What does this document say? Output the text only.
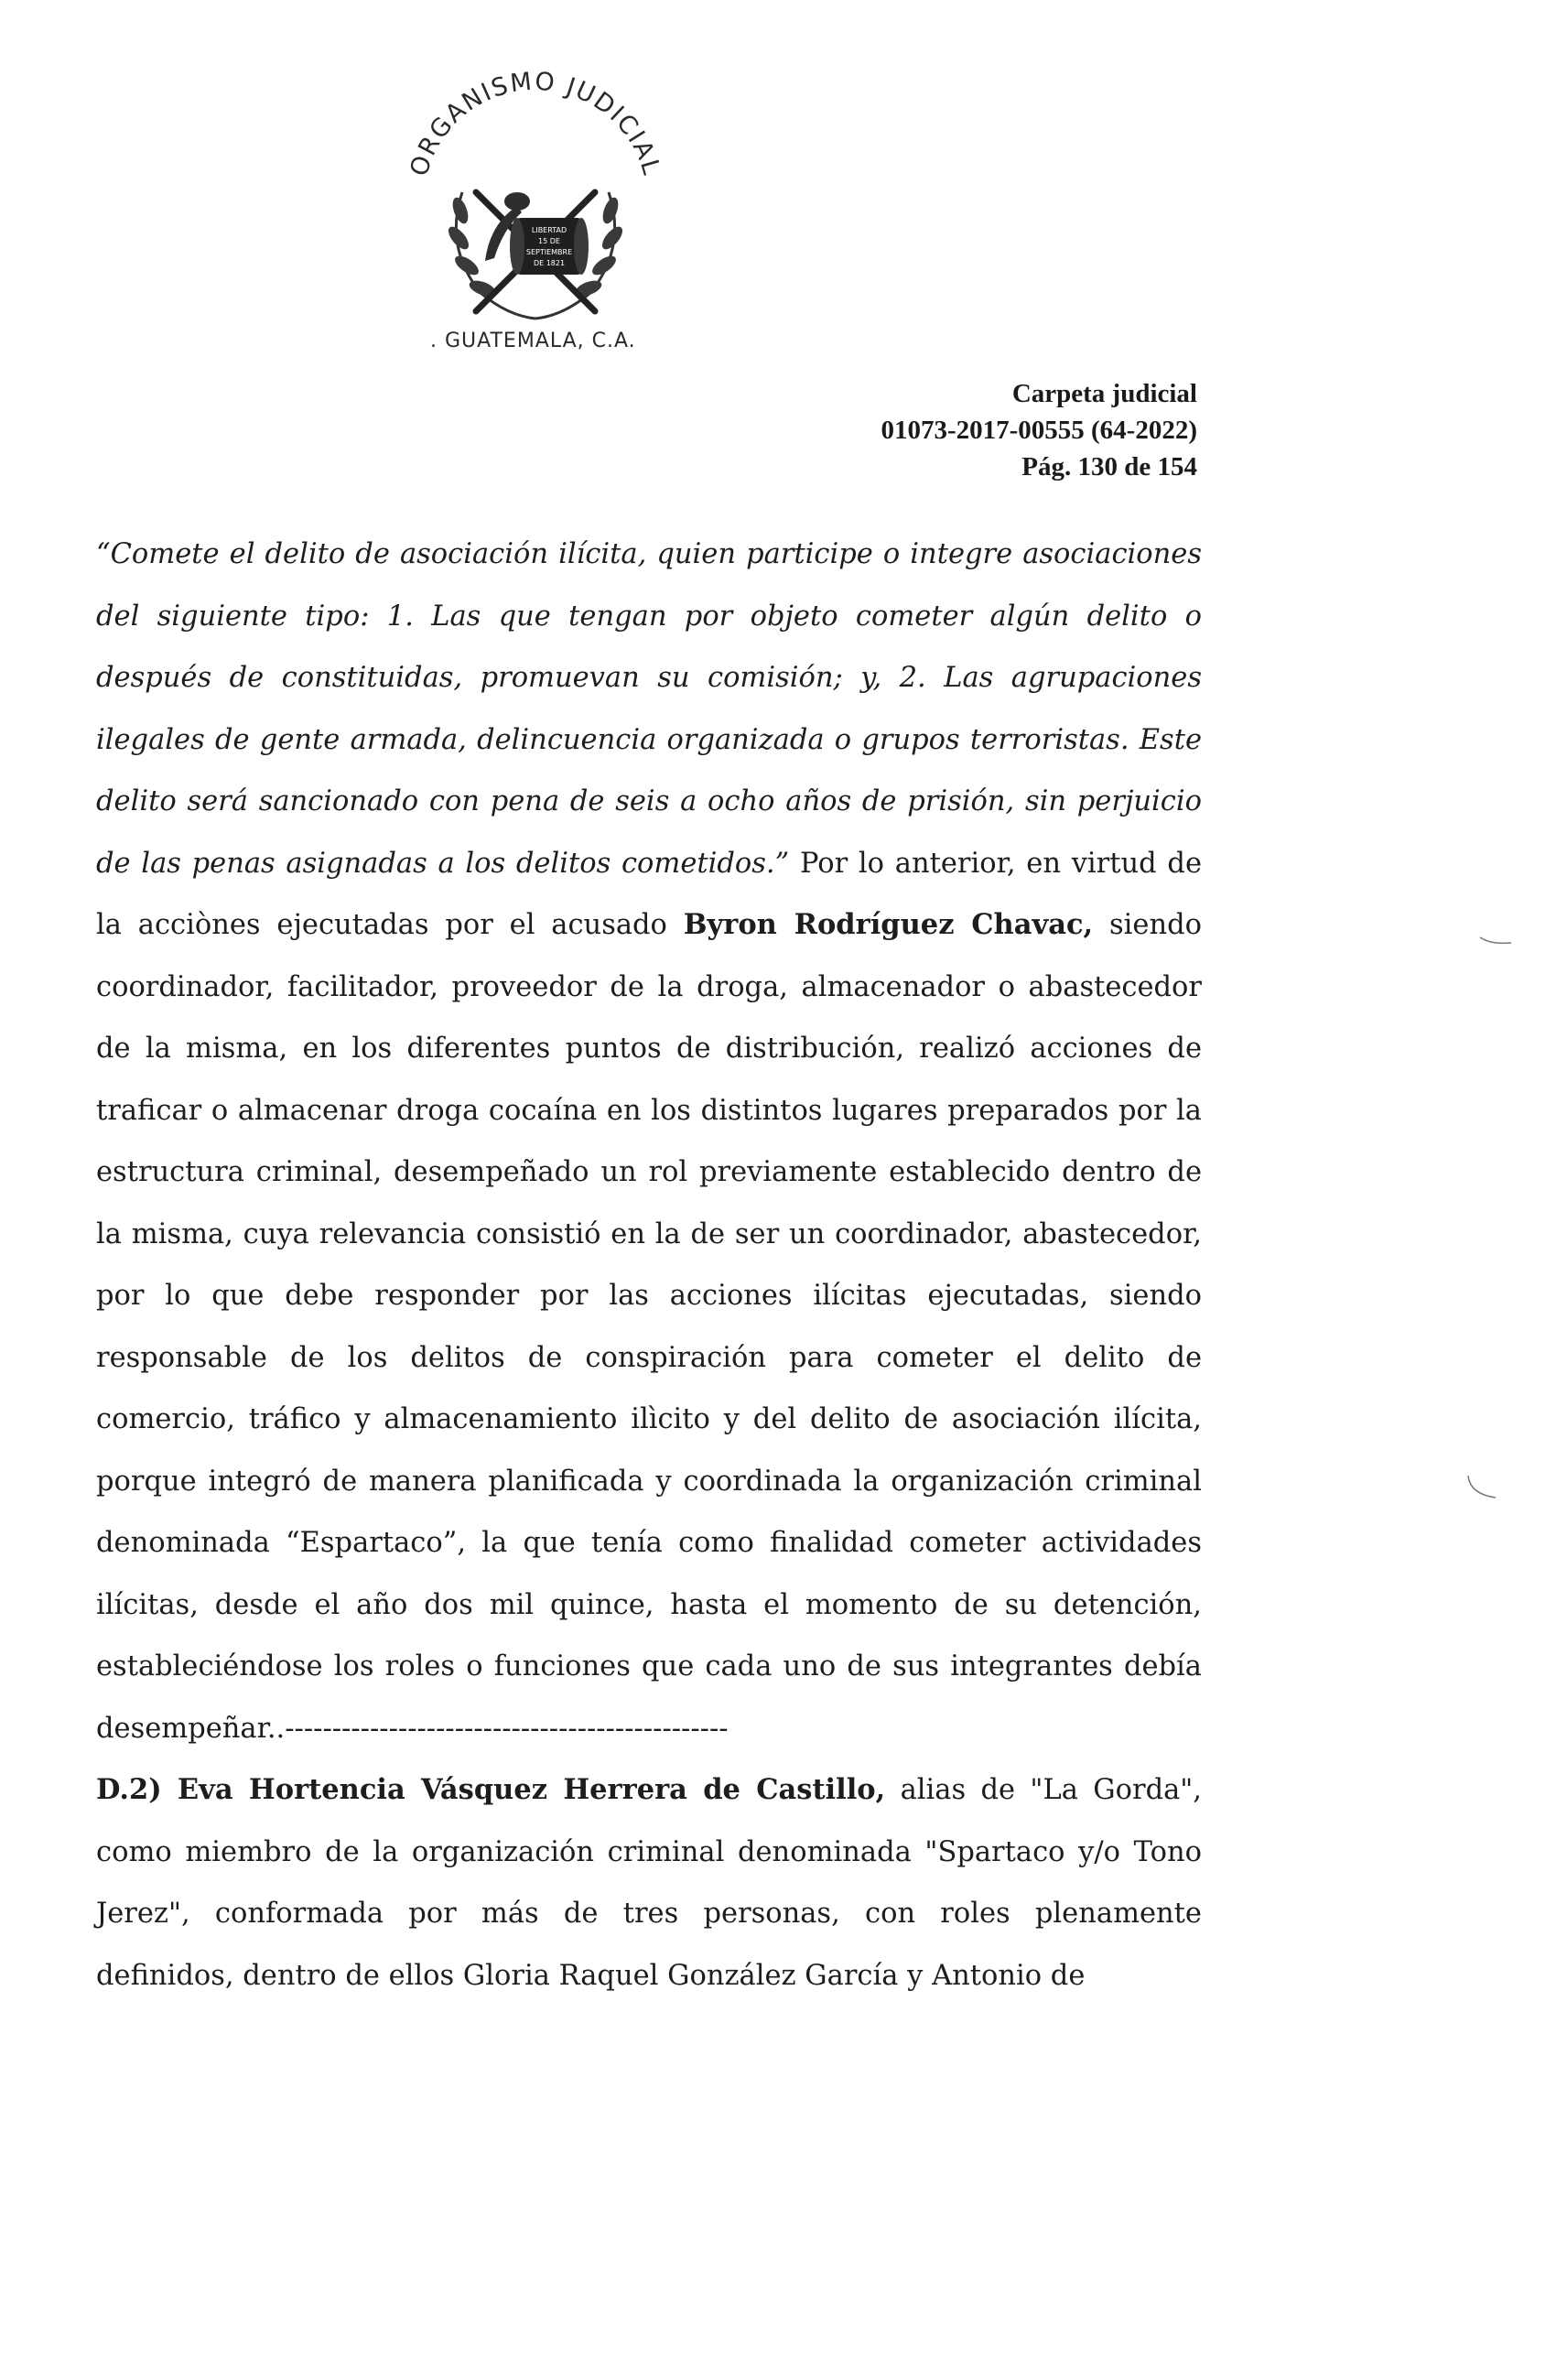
ORGANISMO JUDICIAL
LIBERTAD
15 DE
SEPTIEMBRE
DE 1821
. GUATEMALA, C.A.
Carpeta judicial
01073-2017-00555 (64-2022)
Pág. 130 de 154

“Comete el delito de asociación ilícita, quien participe o integre asociaciones del siguiente tipo: 1. Las que tengan por objeto cometer algún delito o después de constituidas, promuevan su comisión; y, 2. Las agrupaciones ilegales de gente armada, delincuencia organizada o grupos terroristas. Este delito será sancionado con pena de seis a ocho años de prisión, sin perjuicio de las penas asignadas a los delitos cometidos.” Por lo anterior, en virtud de la acciònes ejecutadas por el acusado Byron Rodríguez Chavac, siendo coordinador, facilitador, proveedor de la droga, almacenador o abastecedor de la misma, en los diferentes puntos de distribución, realizó acciones de traficar o almacenar droga cocaína en los distintos lugares preparados por la estructura criminal, desempeñado un rol previamente establecido dentro de la misma, cuya relevancia consistió en la de ser un coordinador, abastecedor, por lo que debe responder por las acciones ilícitas ejecutadas, siendo responsable de los delitos de conspiración para cometer el delito de comercio, tráfico y almacenamiento ilìcito y del delito de asociación ilícita, porque integró de manera planificada y coordinada la organización criminal denominada “Espartaco”, la que tenía como finalidad cometer actividades ilícitas, desde el año dos mil quince, hasta el momento de su detención, estableciéndose los roles o funciones que cada uno de sus integrantes debía desempeñar..-----------------------------------------------

D.2) Eva Hortencia Vásquez Herrera de Castillo, alias de "La Gorda", como miembro de la organización criminal denominada "Spartaco y/o Tono Jerez", conformada por más de tres personas, con roles plenamente definidos, dentro de ellos Gloria Raquel González García y Antonio de
